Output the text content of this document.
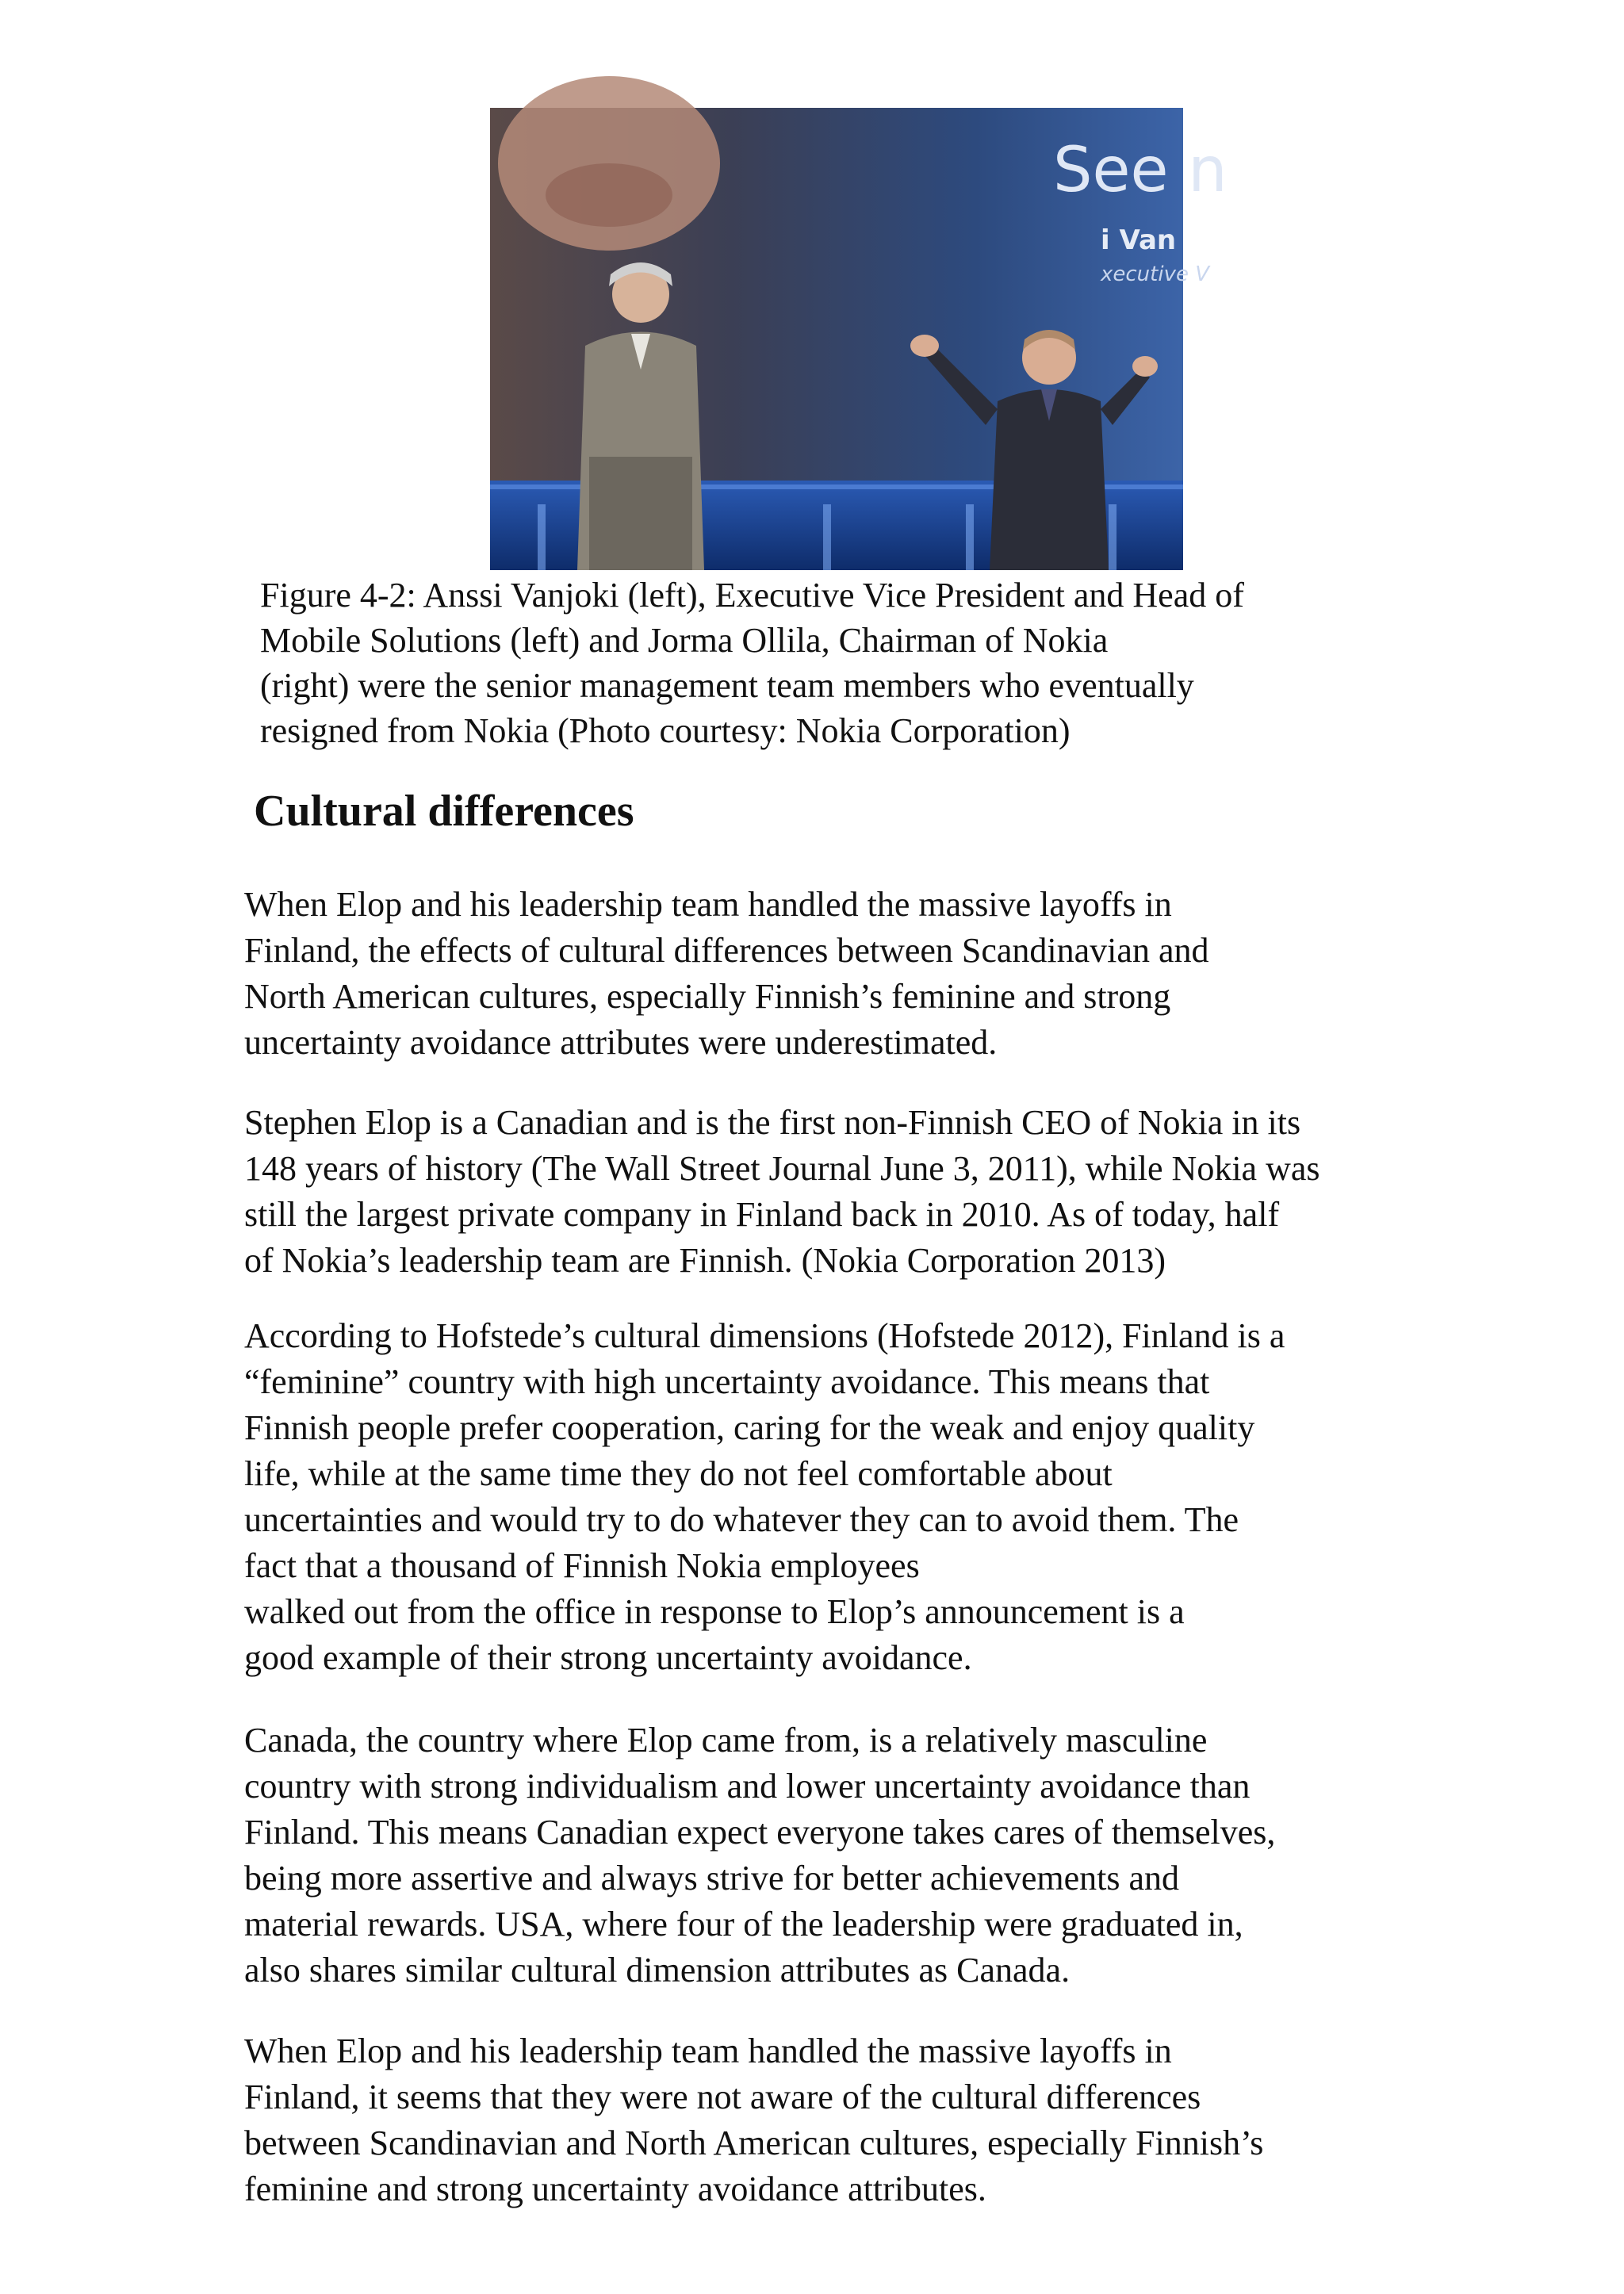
See n
i Van
xecutive V

Figure 4-2: Anssi Vanjoki (left), Executive Vice President and Head of

Mobile Solutions (left) and Jorma Ollila, Chairman of Nokia

(right) were the senior management team members who eventually

resigned from Nokia (Photo courtesy: Nokia Corporation)

Cultural differences
When Elop and his leadership team handled the massive layoffs in
Finland, the effects of cultural differences between Scandinavian and
North American cultures, especially Finnish’s feminine and strong
uncertainty avoidance attributes were underestimated.
Stephen Elop is a Canadian and is the first non-Finnish CEO of Nokia in its
148 years of history (The Wall Street Journal June 3, 2011), while Nokia was
still the largest private company in Finland back in 2010. As of today, half
of Nokia’s leadership team are Finnish. (Nokia Corporation 2013)
According to Hofstede’s cultural dimensions (Hofstede 2012), Finland is a
“feminine” country with high uncertainty avoidance. This means that
Finnish people prefer cooperation, caring for the weak and enjoy quality
life, while at the same time they do not feel comfortable about
uncertainties and would try to do whatever they can to avoid them. The
fact that a thousand of Finnish Nokia employees
walked out from the office in response to Elop’s announcement is a
good example of their strong uncertainty avoidance.
Canada, the country where Elop came from, is a relatively masculine
country with strong individualism and lower uncertainty avoidance than
Finland. This means Canadian expect everyone takes cares of themselves,
being more assertive and always strive for better achievements and
material rewards. USA, where four of the leadership were graduated in,
also shares similar cultural dimension attributes as Canada.
When Elop and his leadership team handled the massive layoffs in
Finland, it seems that they were not aware of the cultural differences
between Scandinavian and North American cultures, especially Finnish’s
feminine and strong uncertainty avoidance attributes.
